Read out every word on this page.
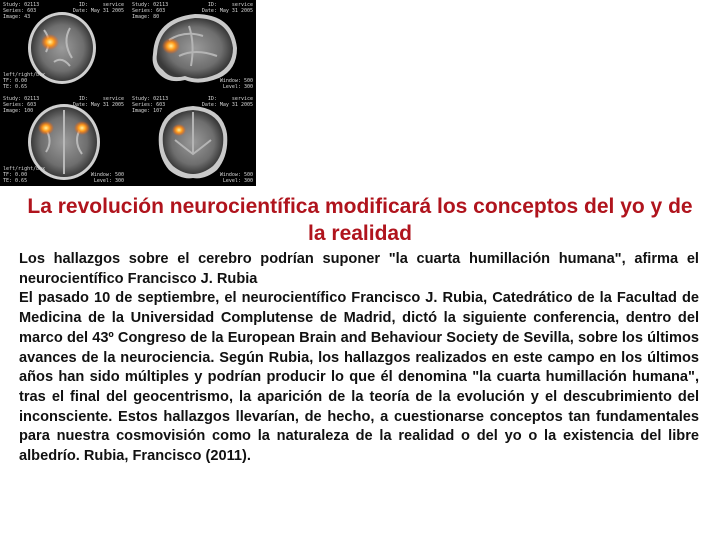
Study: 02113
Series: 603
Image: 43
ID:     service
Date: May 31 2005
left/right/box
TF: 0.00
TE: 0.65
Study: 02113
Series: 603
Image: 80
ID:     service
Date: May 31 2005
Window: 500
Level: 300
Study: 02113
Series: 603
Image: 100
ID:     service
Date: May 31 2005
left/right/box
TF: 0.00
TE: 0.65
Window: 500
Level: 300
Study: 02113
Series: 603
Image: 107
ID:     service
Date: May 31 2005
Window: 500
Level: 300
La revolución neurocientífica modificará los conceptos del yo y de la realidad

Los hallazgos sobre el cerebro podrían suponer "la cuarta humillación humana", afirma el neurocientífico Francisco J. Rubia

El pasado 10 de septiembre, el neurocientífico Francisco J. Rubia, Catedrático de la Facultad de Medicina de la Universidad Complutense de Madrid, dictó la siguiente conferencia, dentro del marco del 43º Congreso de la European Brain and Behaviour Society de Sevilla, sobre los últimos avances de la neurociencia. Según Rubia, los hallazgos realizados en este campo en los últimos años han sido múltiples y podrían producir lo que él denomina "la cuarta humillación humana", tras el final del geocentrismo, la aparición de la teoría de la evolución y el descubrimiento del inconsciente. Estos hallazgos llevarían, de hecho, a cuestionarse conceptos tan fundamentales para nuestra cosmovisión como la naturaleza de la realidad o del yo o la existencia del libre albedrío. Rubia, Francisco (2011).
